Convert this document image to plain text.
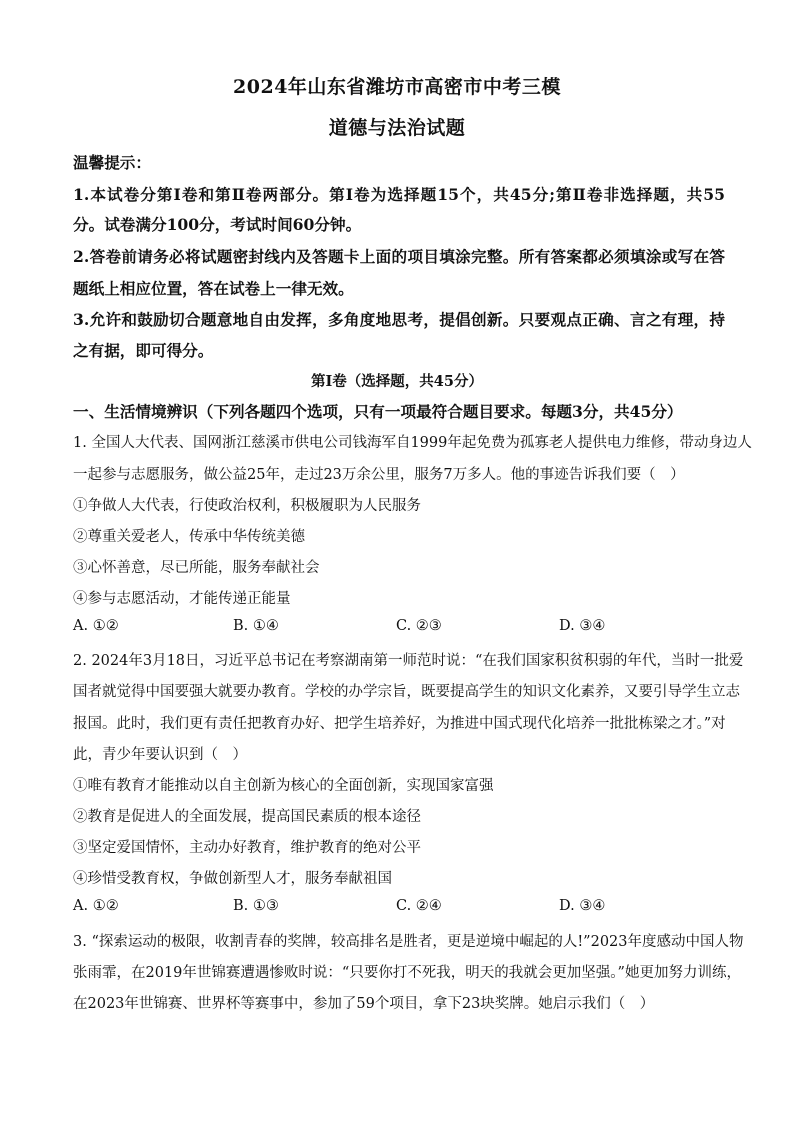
2024年山东省潍坊市高密市中考三模
道德与法治试题
温馨提示：
1.本试卷分第Ⅰ卷和第Ⅱ卷两部分。第Ⅰ卷为选择题15个，共45分;第Ⅱ卷非选择题，共55
分。试卷满分100分，考试时间60分钟。
2.答卷前请务必将试题密封线内及答题卡上面的项目填涂完整。所有答案都必须填涂或写在答
题纸上相应位置，答在试卷上一律无效。
3.允许和鼓励切合题意地自由发挥，多角度地思考，提倡创新。只要观点正确、言之有理，持
之有据，即可得分。
第Ⅰ卷（选择题，共45分）
一、生活情境辨识（下列各题四个选项，只有一项最符合题目要求。每题3分，共45分）
1. 全国人大代表、国网浙江慈溪市供电公司钱海军自1999年起免费为孤寡老人提供电力维修，带动身边人
一起参与志愿服务，做公益25年，走过23万余公里，服务7万多人。他的事迹告诉我们要（　）
①争做人大代表，行使政治权利，积极履职为人民服务
②尊重关爱老人，传承中华传统美德
③心怀善意，尽已所能，服务奉献社会
④参与志愿活动，才能传递正能量
A. ①②	B. ①④	C. ②③	D. ③④
2. 2024年3月18日，习近平总书记在考察湖南第一师范时说：“在我们国家积贫积弱的年代，当时一批爱
国者就觉得中国要强大就要办教育。学校的办学宗旨，既要提高学生的知识文化素养，又要引导学生立志
报国。此时，我们更有责任把教育办好、把学生培养好，为推进中国式现代化培养一批批栋梁之才。”对
此，青少年要认识到（　）
①唯有教育才能推动以自主创新为核心的全面创新，实现国家富强
②教育是促进人的全面发展，提高国民素质的根本途径
③坚定爱国情怀，主动办好教育，维护教育的绝对公平
④珍惜受教育权，争做创新型人才，服务奉献祖国
A. ①②	B. ①③	C. ②④	D. ③④
3. “探索运动的极限，收割青春的奖牌，较高排名是胜者，更是逆境中崛起的人!”2023年度感动中国人物
张雨霏，在2019年世锦赛遭遇惨败时说：“只要你打不死我，明天的我就会更加坚强。”她更加努力训练，
在2023年世锦赛、世界杯等赛事中，参加了59个项目，拿下23块奖牌。她启示我们（　）
